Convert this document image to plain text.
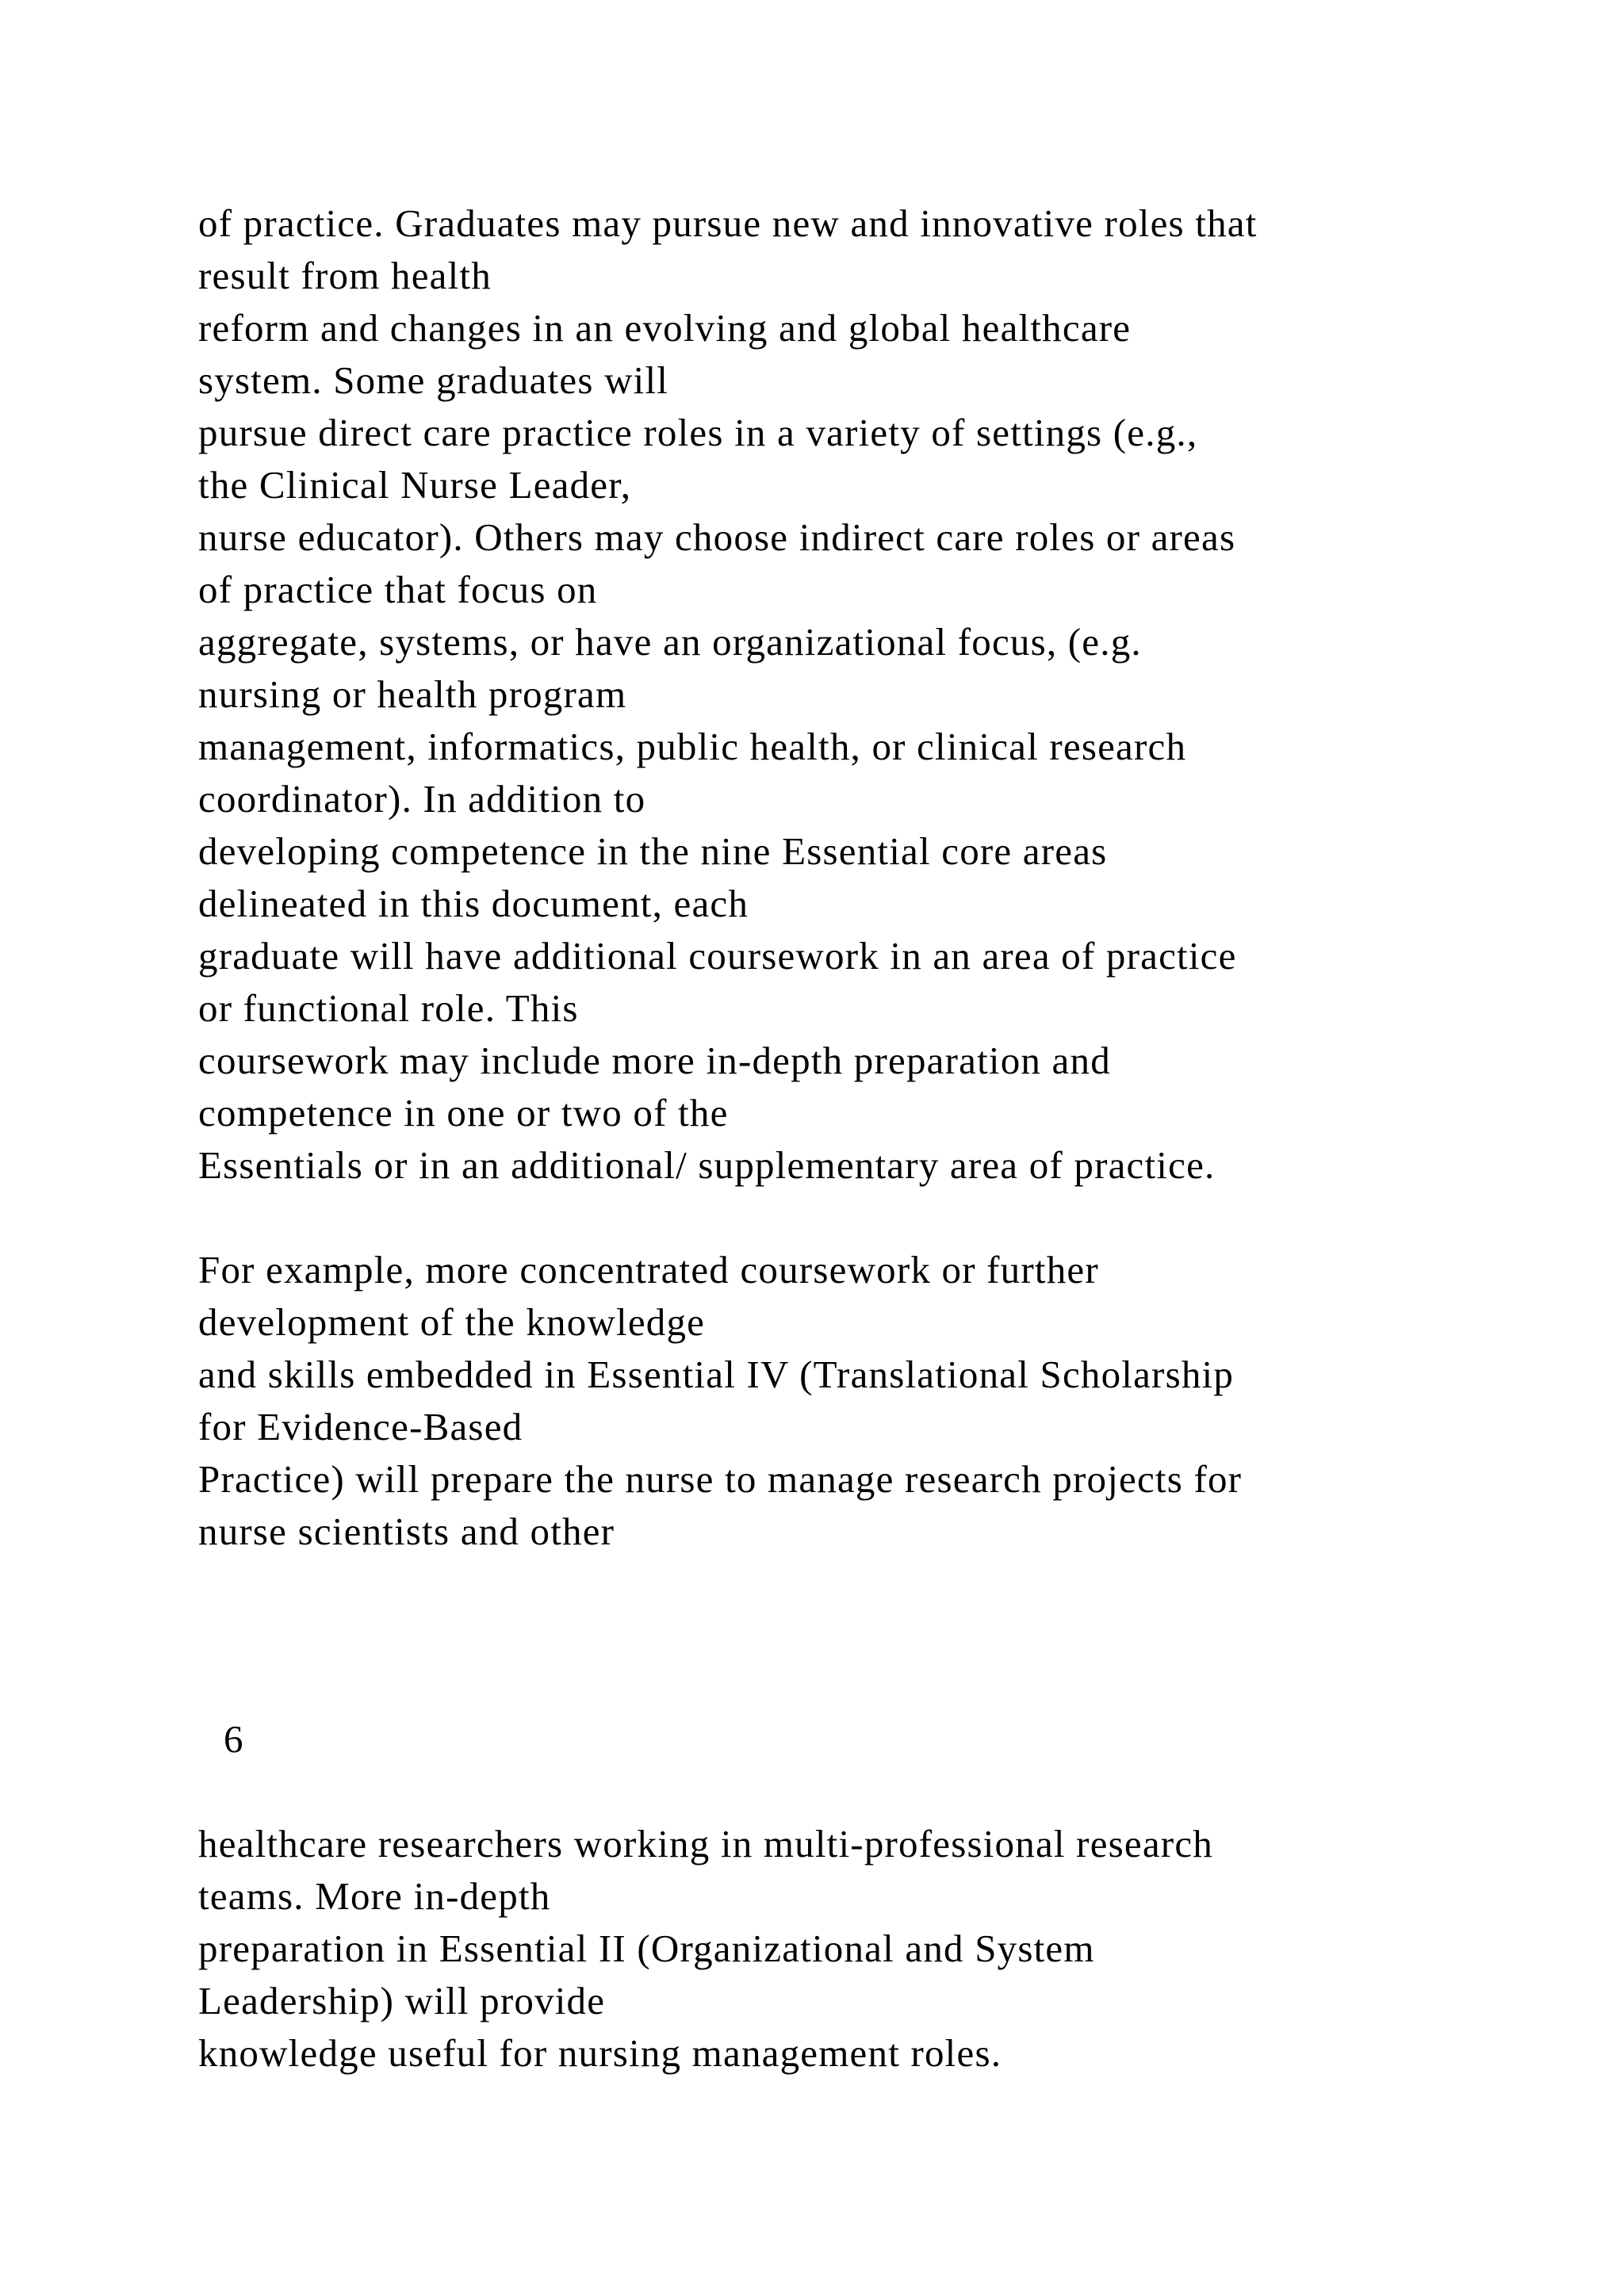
of practice. Graduates may pursue new and innovative roles that
result from health
reform and changes in an evolving and global healthcare
system. Some graduates will
pursue direct care practice roles in a variety of settings (e.g.,
the Clinical Nurse Leader,
nurse educator). Others may choose indirect care roles or areas
of practice that focus on
aggregate, systems, or have an organizational focus, (e.g.
nursing or health program
management, informatics, public health, or clinical research
coordinator). In addition to
developing competence in the nine Essential core areas
delineated in this document, each
graduate will have additional coursework in an area of practice
or functional role. This
coursework may include more in-depth preparation and
competence in one or two of the
Essentials or in an additional/ supplementary area of practice.
For example, more concentrated coursework or further
development of the knowledge
and skills embedded in Essential IV (Translational Scholarship
for Evidence-Based
Practice) will prepare the nurse to manage research projects for
nurse scientists and other
6
healthcare researchers working in multi-professional research
teams. More in-depth
preparation in Essential II (Organizational and System
Leadership) will provide
knowledge useful for nursing management roles.
